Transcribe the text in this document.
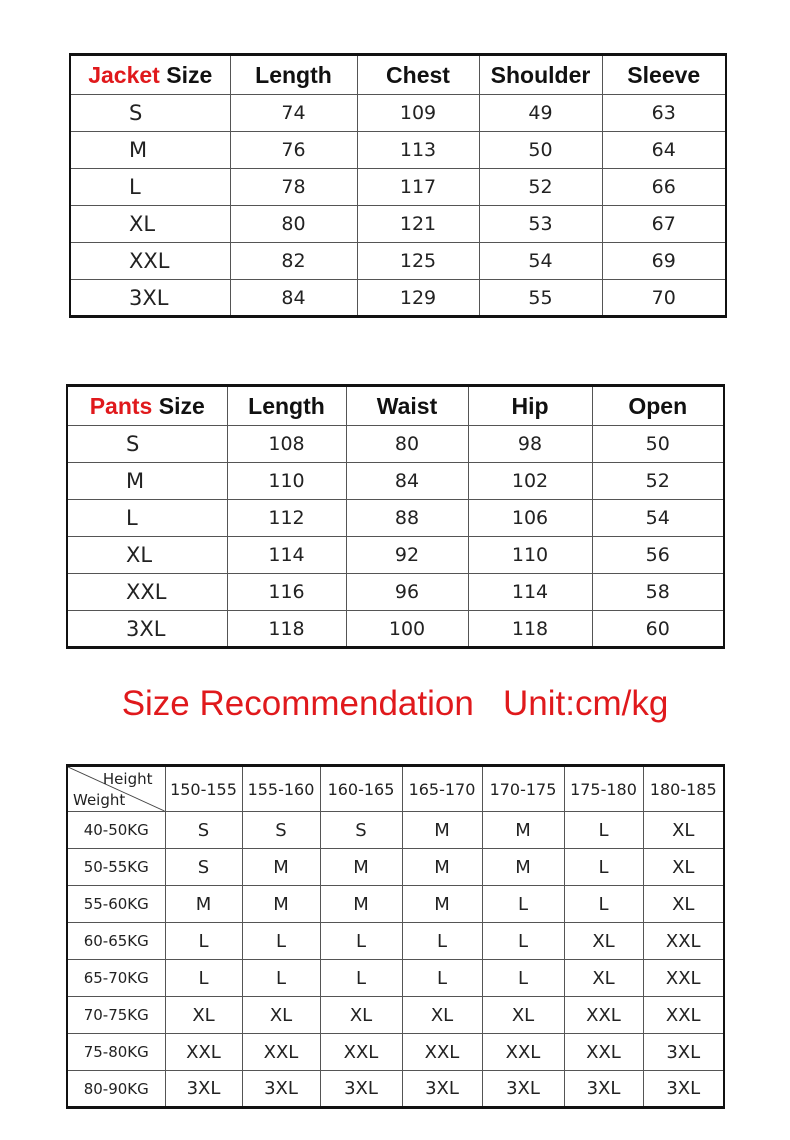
Jacket Size	Length	Chest	Shoulder	Sleeve
S	74	109	49	63
M	76	113	50	64
L	78	117	52	66
XL	80	121	53	67
XXL	82	125	54	69
3XL	84	129	55	70
Pants Size	Length	Waist	Hip	Open
S	108	80	98	50
M	110	84	102	52
L	112	88	106	54
XL	114	92	110	56
XXL	116	96	114	58
3XL	118	100	118	60
Size Recommendation   Unit:cm/kg
Height
Weight	150-155	155-160	160-165	165-170	170-175	175-180	180-185
40-50KG	S	S	S	M	M	L	XL
50-55KG	S	M	M	M	M	L	XL
55-60KG	M	M	M	M	L	L	XL
60-65KG	L	L	L	L	L	XL	XXL
65-70KG	L	L	L	L	L	XL	XXL
70-75KG	XL	XL	XL	XL	XL	XXL	XXL
75-80KG	XXL	XXL	XXL	XXL	XXL	XXL	3XL
80-90KG	3XL	3XL	3XL	3XL	3XL	3XL	3XL
